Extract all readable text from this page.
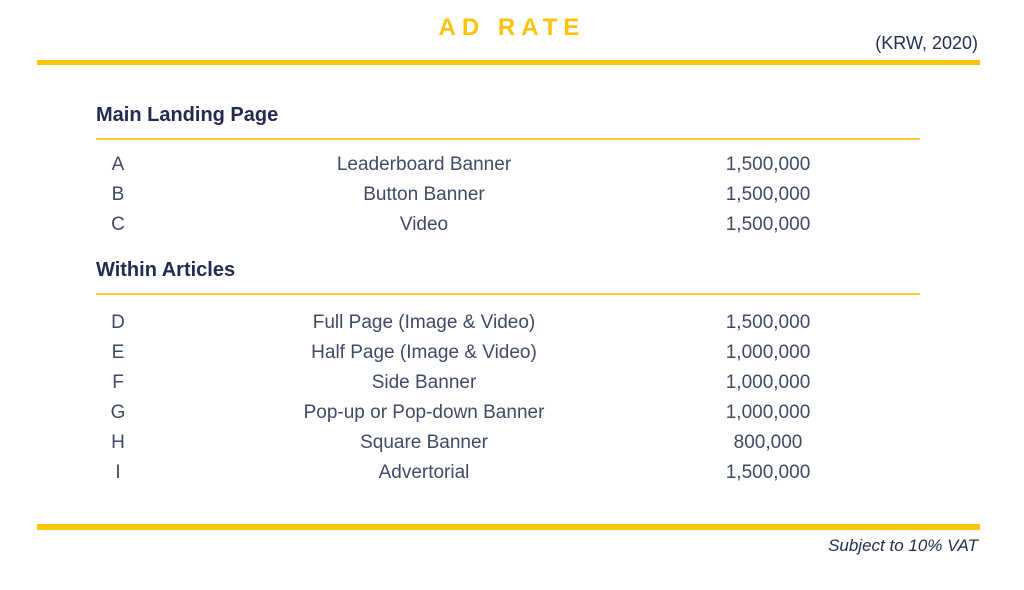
AD RATE
(KRW, 2020)
Main Landing Page
A	Leaderboard Banner	1,500,000
B	Button Banner	1,500,000
C	Video	1,500,000
Within Articles
D	Full Page (Image & Video)	1,500,000
E	Half Page (Image & Video)	1,000,000
F	Side Banner	1,000,000
G	Pop-up or Pop-down Banner	1,000,000
H	Square Banner	800,000
I	Advertorial	1,500,000
Subject to 10% VAT
